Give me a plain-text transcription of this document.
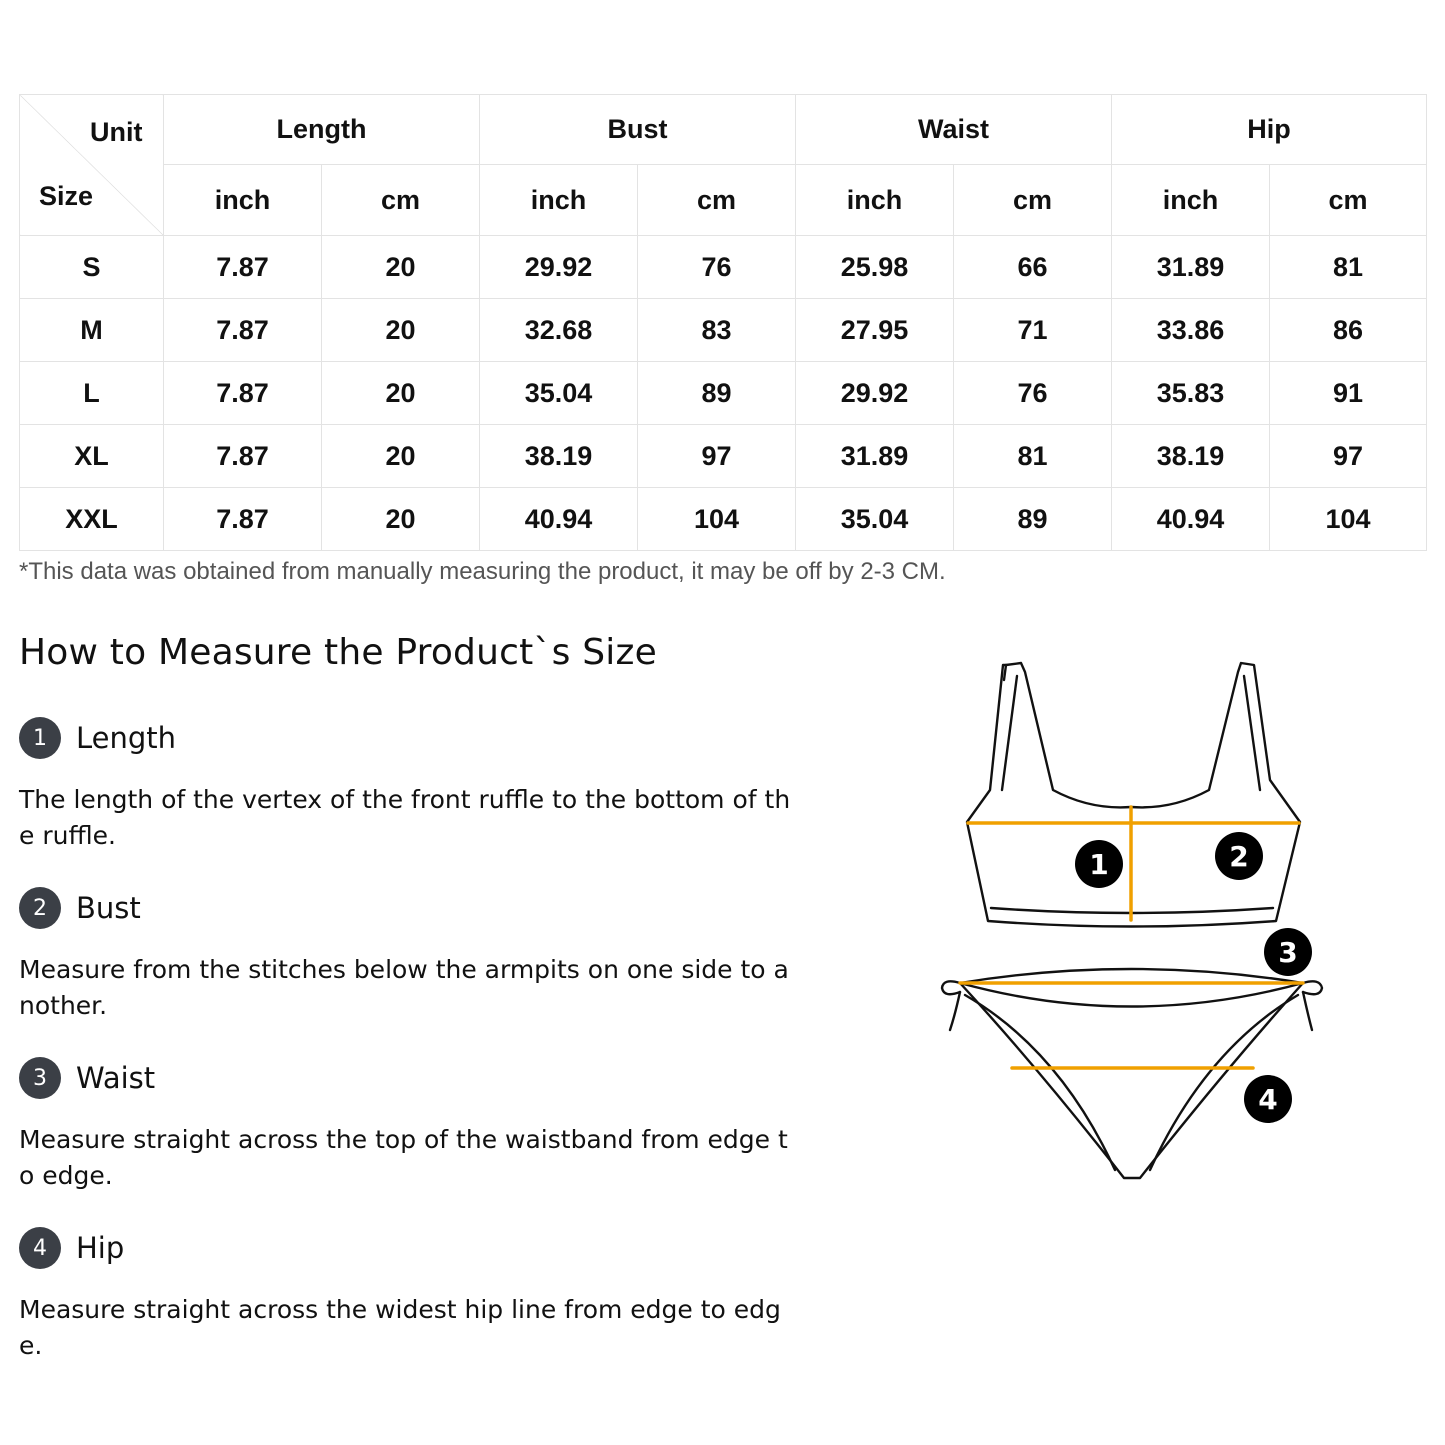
Unit
Size	Length		Bust		Waist		Hip	
	inch	cm	inch	cm	inch	cm	inch	cm
S	7.87	20	29.92	76	25.98	66	31.89	81
M	7.87	20	32.68	83	27.95	71	33.86	86
L	7.87	20	35.04	89	29.92	76	35.83	91
XL	7.87	20	38.19	97	31.89	81	38.19	97
XXL	7.87	20	40.94	104	35.04	89	40.94	104
*This data was obtained from manually measuring the product, it may be off by 2-3 CM.
How to Measure the Product`s Size
1	Length
The length of the vertex of the front ruffle to the bottom of the ruffle.
2	Bust
Measure from the stitches below the armpits on one side to another.
3	Waist
Measure straight across the top of the waistband from edge to edge.
4	Hip
Measure straight across the widest hip line from edge to edge.
1	2
3
4
